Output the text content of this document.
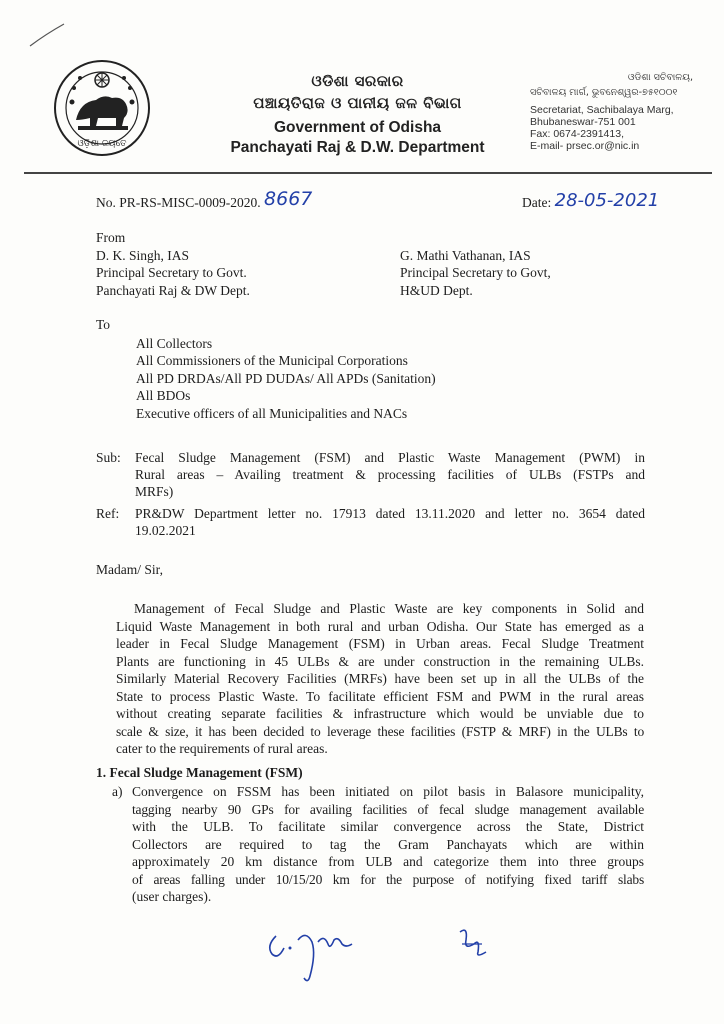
ଓଡ଼ିଶା ଜୟତେ
ଓଡିଶା ସରକାର
ପଞ୍ଚାୟତିରାଜ ଓ ପାନୀୟ ଜଳ ବିଭାଗ
Government of Odisha
Panchayati Raj & D.W. Department
ଓଡିଶା ସଚିବାଳୟ,
ସଚିବାଳୟ ମାର୍ଗ, ଭୁବନେଶ୍ୱର-୭୫୧୦୦୧
Secretariat, Sachibalaya Marg,
Bhubaneswar-751 001
Fax: 0674-2391413,
E-mail- prsec.or@nic.in
No. PR-RS-MISC-0009-2020. 8667	Date: 28-05-2021
From
D. K. Singh, IAS
Principal Secretary to Govt.
Panchayati Raj & DW Dept.
G. Mathi Vathanan, IAS
Principal Secretary to Govt,
H&UD Dept.
To
All Collectors
All Commissioners of the Municipal Corporations
All PD DRDAs/All PD DUDAs/ All APDs (Sanitation)
All BDOs
Executive officers of all Municipalities and NACs
Sub: Fecal Sludge Management (FSM) and Plastic Waste Management (PWM) in
Rural areas – Availing treatment & processing facilities of ULBs (FSTPs and
MRFs)
Ref: PR&DW Department letter no. 17913 dated 13.11.2020 and letter no. 3654 dated
19.02.2021
Madam/ Sir,
Management of Fecal Sludge and Plastic Waste are key components in Solid and
Liquid Waste Management in both rural and urban Odisha. Our State has emerged as a
leader in Fecal Sludge Management (FSM) in Urban areas. Fecal Sludge Treatment
Plants are functioning in 45 ULBs & are under construction in the remaining ULBs.
Similarly Material Recovery Facilities (MRFs) have been set up in all the ULBs of the
State to process Plastic Waste. To facilitate efficient FSM and PWM in the rural areas
without creating separate facilities & infrastructure which would be unviable due to
scale & size, it has been decided to leverage these facilities (FSTP & MRF) in the ULBs to
cater to the requirements of rural areas.
1. Fecal Sludge Management (FSM)
a) Convergence on FSSM has been initiated on pilot basis in Balasore municipality,
tagging nearby 90 GPs for availing facilities of fecal sludge management available
with the ULB. To facilitate similar convergence across the State, District
Collectors are required to tag the Gram Panchayats which are within
approximately 20 km distance from ULB and categorize them into three groups
of areas falling under 10/15/20 km for the purpose of notifying fixed tariff slabs
(user charges).
